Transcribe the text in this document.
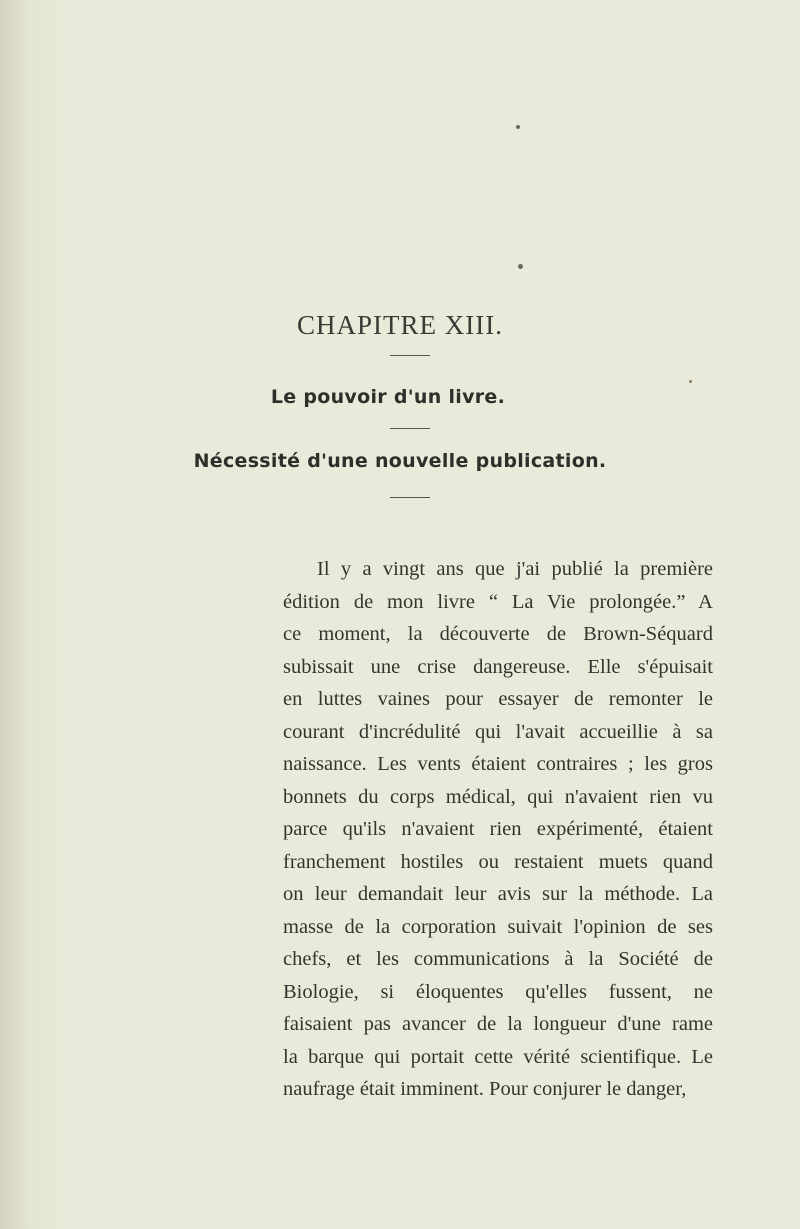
CHAPITRE XIII.
Le pouvoir d'un livre.
Nécessité d'une nouvelle publication.
Il y a vingt ans que j'ai publié la première
édition de mon livre “ La Vie prolongée.” A
ce moment, la découverte de Brown-Séquard
subissait une crise dangereuse. Elle s'épuisait
en luttes vaines pour essayer de remonter le
courant d'incrédulité qui l'avait accueillie à sa
naissance. Les vents étaient contraires ; les gros
bonnets du corps médical, qui n'avaient rien vu
parce qu'ils n'avaient rien expérimenté, étaient
franchement hostiles ou restaient muets quand
on leur demandait leur avis sur la méthode. La
masse de la corporation suivait l'opinion de ses
chefs, et les communications à la Société de
Biologie, si éloquentes qu'elles fussent, ne
faisaient pas avancer de la longueur d'une rame
la barque qui portait cette vérité scientifique. Le
naufrage était imminent. Pour conjurer le danger,
